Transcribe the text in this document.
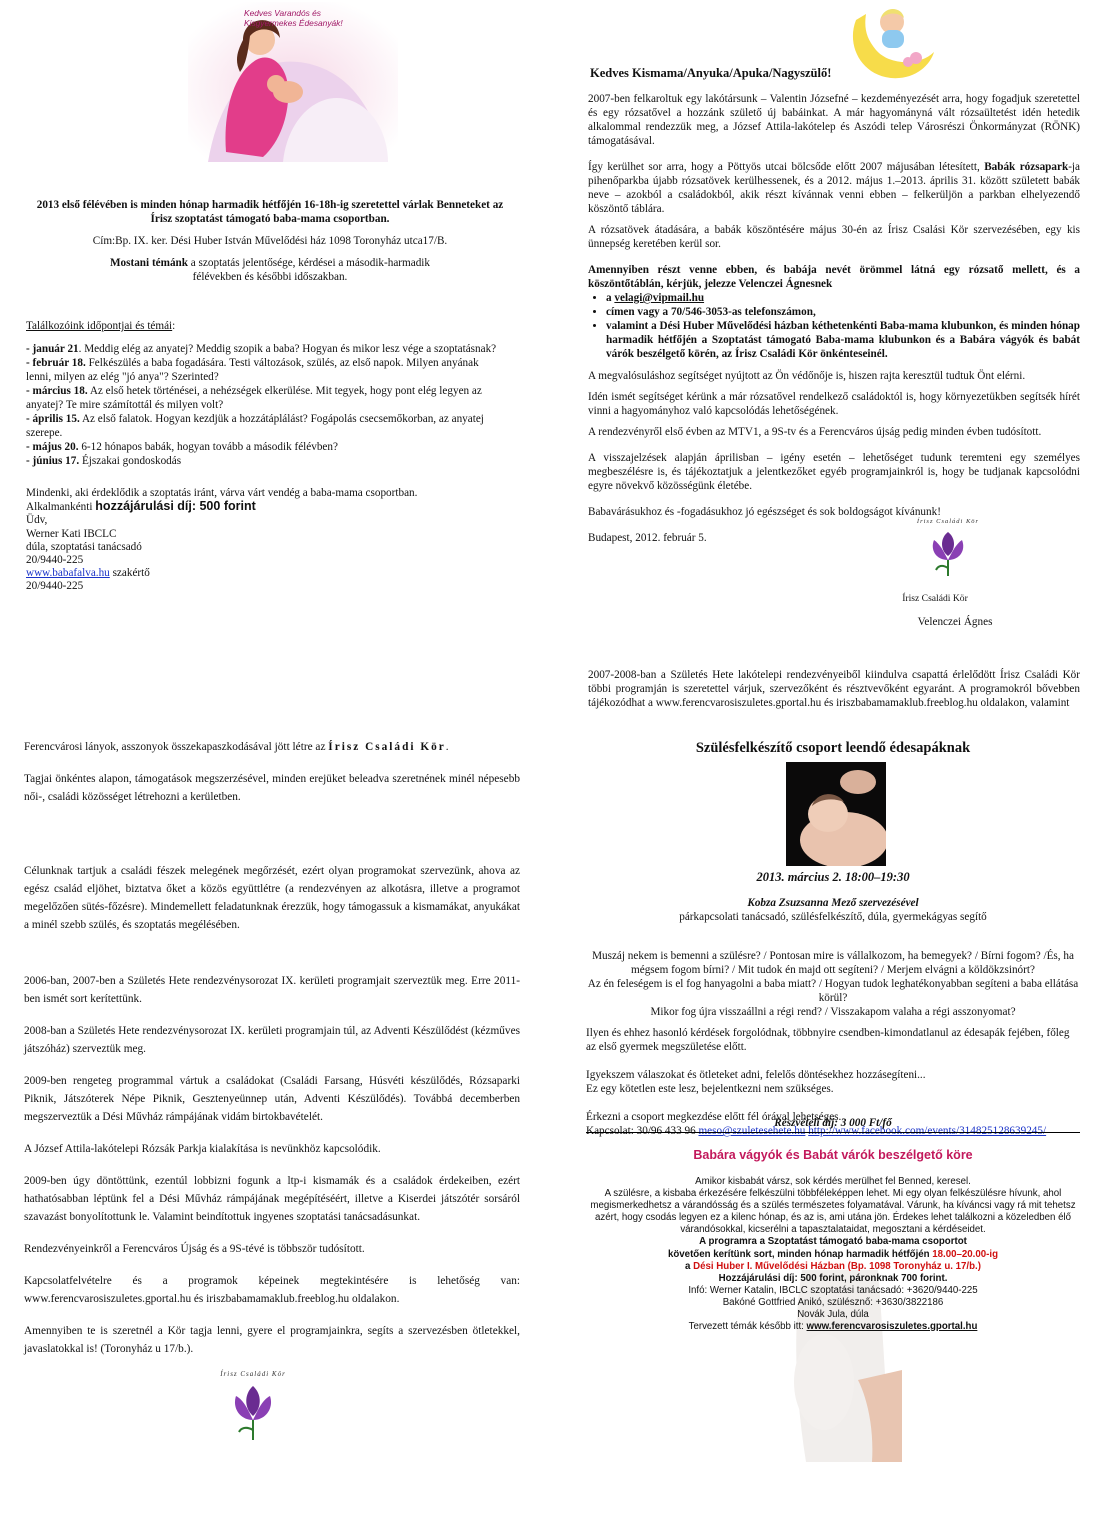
Kedves Varandós és
Kisgyermekes Édesanyák!

2013 első félévében is minden hónap harmadik hétfőjén 16-18h-ig szeretettel várlak Benneteket az Írisz szoptatást támogató baba-mama csoportban.

Cím:Bp. IX. ker. Dési Huber István Művelődési ház 1098 Toronyház utca17/B.

Mostani témánk a szoptatás jelentősége, kérdései a második-harmadik félévekben és későbbi időszakban.

Találkozóink időpontjai és témái:

- január 21. Meddig elég az anyatej? Meddig szopik a baba? Hogyan és mikor lesz vége a szoptatásnak?

- február 18. Felkészülés a baba fogadására. Testi változások, szülés, az első napok. Milyen anyának lenni, milyen az elég "jó anya"? Szerinted?

- március 18. Az első hetek történései, a nehézségek elkerülése. Mit tegyek, hogy pont elég legyen az anyatej? Te mire számítottál és milyen volt?

- április 15. Az első falatok. Hogyan kezdjük a hozzátáplálást? Fogápolás csecsemőkorban, az anyatej szerepe.

- május 20. 6-12 hónapos babák, hogyan tovább a második félévben?

- június 17. Éjszakai gondoskodás

Mindenki, aki érdeklődik a szoptatás iránt, várva várt vendég a baba-mama csoportban.

Alkalmankénti hozzájárulási díj: 500 forint

Üdv,

Werner Kati IBCLC

dúla, szoptatási tanácsadó

20/9440-225

www.babafalva.hu szakértő

20/9440-225

Kedves Kismama/Anyuka/Apuka/Nagyszülő!

2007-ben felkaroltuk egy lakótársunk – Valentin Józsefné – kezdeményezését arra, hogy fogadjuk szeretettel és egy rózsatővel a hozzánk születő új babáinkat. A már hagyományná vált rózsaültetést idén hetedik alkalommal rendezzük meg, a József Attila-lakótelep és Aszódi telep Városrészi Önkormányzat (RÖNK) támogatásával.

Így kerülhet sor arra, hogy a Pöttyös utcai bölcsőde előtt 2007 májusában létesített, Babák rózsapark-ja pihenőparkba újabb rózsatövek kerülhessenek, és a 2012. május 1.–2013. április 31. között született babák neve – azokból a családokból, akik részt kívánnak venni ebben – felkerüljön a parkban elhelyezendő köszöntő táblára.

A rózsatövek átadására, a babák köszöntésére május 30-én az Írisz Csalási Kör szervezésében, egy kis ünnepség keretében kerül sor.

Amennyiben részt venne ebben, és babája nevét örömmel látná egy rózsatő mellett, és a köszöntőtáblán, kérjük, jelezze Velenczei Ágnesnek

• a velagi@vipmail.hu
• címen vagy a 70/546-3053-as telefonszámon,
• valamint a Dési Huber Művelődési házban kéthetenkénti Baba-mama klubunkon, és minden hónap harmadik hétfőjén a Szoptatást támogató Baba-mama klubunkon és a Babára vágyók és babát várók beszélgető körén, az Írisz Családi Kör önkénteseinél.

A megvalósuláshoz segítséget nyújtott az Ön védőnője is, hiszen rajta keresztül tudtuk Önt elérni.

Idén ismét segítséget kérünk a már rózsatővel rendelkező családoktól is, hogy környezetükben segítsék hírét vinni a hagyományhoz való kapcsolódás lehetőségének.

A rendezvényről első évben az MTV1, a 9S-tv és a Ferencváros újság pedig minden évben tudósított.

A visszajelzések alapján áprilisban – igény esetén – lehetőséget tudunk teremteni egy személyes megbeszélésre is, és tájékoztatjuk a jelentkezőket egyéb programjainkról is, hogy be tudjanak kapcsolódni egyre növekvő közösségünk életébe.

Babavárásukhoz és -fogadásukhoz jó egészséget és sok boldogságot kívánunk!

Budapest, 2012. február 5.

Írisz Családi Kör

Írisz Családi Kör

Velenczei Ágnes

2007-2008-ban a Születés Hete lakótelepi rendezvényeiből kiindulva csapattá érlelődött Írisz Családi Kör többi programján is szeretettel várjuk, szervezőként és résztvevőként egyaránt. A programokról bővebben tájékozódhat a www.ferencvarosiszuletes.gportal.hu és iriszbabamamaklub.freeblog.hu oldalakon, valamint

Ferencvárosi lányok, asszonyok összekapaszkodásával jött létre az Írisz Családi Kör.

Tagjai önkéntes alapon, támogatások megszerzésével, minden erejüket beleadva szeretnének minél népesebb női-, családi közösséget létrehozni a kerületben.

Célunknak tartjuk a családi fészek melegének megőrzését, ezért olyan programokat szervezünk, ahova az egész család eljöhet, biztatva őket a közös együttlétre (a rendezvényen az alkotásra, illetve a programot megelőzően sütés-főzésre). Mindemellett feladatunknak érezzük, hogy támogassuk a kismamákat, anyukákat a minél szebb szülés, és szoptatás megélésében.

2006-ban, 2007-ben a Születés Hete rendezvénysorozat IX. kerületi programjait szerveztük meg. Erre 2011-ben ismét sort kerítettünk.

2008-ban a Születés Hete rendezvénysorozat IX. kerületi programjain túl, az Adventi Készülődést (kézműves játszóház) szerveztük meg.

2009-ben rengeteg programmal vártuk a családokat (Családi Farsang, Húsvéti készülődés, Rózsaparki Piknik, Játszóterek Népe Piknik, Gesztenyeünnep után, Adventi Készülődés). Továbbá decemberben megszerveztük a Dési Művház rámpájának vidám birtokbavételét.

A József Attila-lakótelepi Rózsák Parkja kialakítása is nevünkhöz kapcsolódik.

2009-ben úgy döntöttünk, ezentúl lobbizni fogunk a ltp-i kismamák és a családok érdekeiben, ezért hathatósabban léptünk fel a Dési Művház rámpájának megépítéséért, illetve a Kiserdei játszótér sorsáról szavazást bonyolítottunk le. Valamint beindítottuk ingyenes szoptatási tanácsadásunkat.

Rendezvényeinkről a Ferencváros Újság és a 9S-tévé is többször tudósított.

Kapcsolatfelvételre és a programok képeinek megtekintésére is lehetőség van: www.ferencvarosiszuletes.gportal.hu és iriszbabamamaklub.freeblog.hu oldalakon.

Amennyiben te is szeretnél a Kör tagja lenni, gyere el programjainkra, segíts a szervezésben ötletekkel, javaslatokkal is! (Toronyház u 17/b.).

Írisz Családi Kör

Szülésfelkészítő csoport leendő édesapáknak

2013. március 2. 18:00–19:30

Kobza Zsuzsanna Mező szervezésével

párkapcsolati tanácsadó, szülésfelkészítő, dúla, gyermekágyas segítő

Muszáj nekem is bemenni a szülésre? / Pontosan mire is vállalkozom, ha bemegyek? / Bírni fogom? /És, ha mégsem fogom bírni? / Mit tudok én majd ott segíteni? / Merjem elvágni a köldökzsinórt?
Az én feleségem is el fog hanyagolni a baba miatt? / Hogyan tudok leghatékonyabban segíteni a baba ellátása körül?
Mikor fog újra visszaállni a régi rend? / Visszakapom valaha a régi asszonyomat?

Ilyen és ehhez hasonló kérdések forgolódnak, többnyire csendben-kimondatlanul az édesapák fejében, főleg az első gyermek megszületése előtt.

Igyekszem válaszokat és ötleteket adni, felelős döntésekhez hozzásegíteni...
Ez egy kötetlen este lesz, bejelentkezni nem szükséges.

Érkezni a csoport megkezdése előtt fél órával lehetséges.

Kapcsolat: 30/96 433 96 meso@szuletesehete.hu http://www.facebook.com/events/314825128639245/

Részvételi díj: 3 000 Ft/fő

Babára vágyók és Babát várók beszélgető köre

Amikor kisbabát vársz, sok kérdés merülhet fel Benned, keresel.

A szülésre, a kisbaba érkezésére felkészülni többféleképpen lehet. Mi egy olyan felkészülésre hívunk, ahol megismerkedhetsz a várandósság és a szülés természetes folyamatával. Várunk, ha kíváncsi vagy rá mit tehetsz azért, hogy csodás legyen ez a kilenc hónap, és az is, ami utána jön. Érdekes lehet találkozni a közeledben élő várandósokkal, kicserélni a tapasztalataidat, megosztani a kérdéseidet.

A programra a Szoptatást támogató baba-mama csoportot

követően kerítünk sort, minden hónap harmadik hétfőjén 18.00–20.00-ig

a Dési Huber I. Művelődési Házban (Bp. 1098 Toronyház u. 17/b.)

Hozzájárulási díj: 500 forint, páronknak 700 forint.

Infó: Werner Katalin, IBCLC szoptatási tanácsadó: +3620/9440-225

Bakóné Gottfried Anikó, szülésznő: +3630/3822186

Novák Jula, dúla

Tervezett témák később itt: www.ferencvarosiszuletes.gportal.hu
